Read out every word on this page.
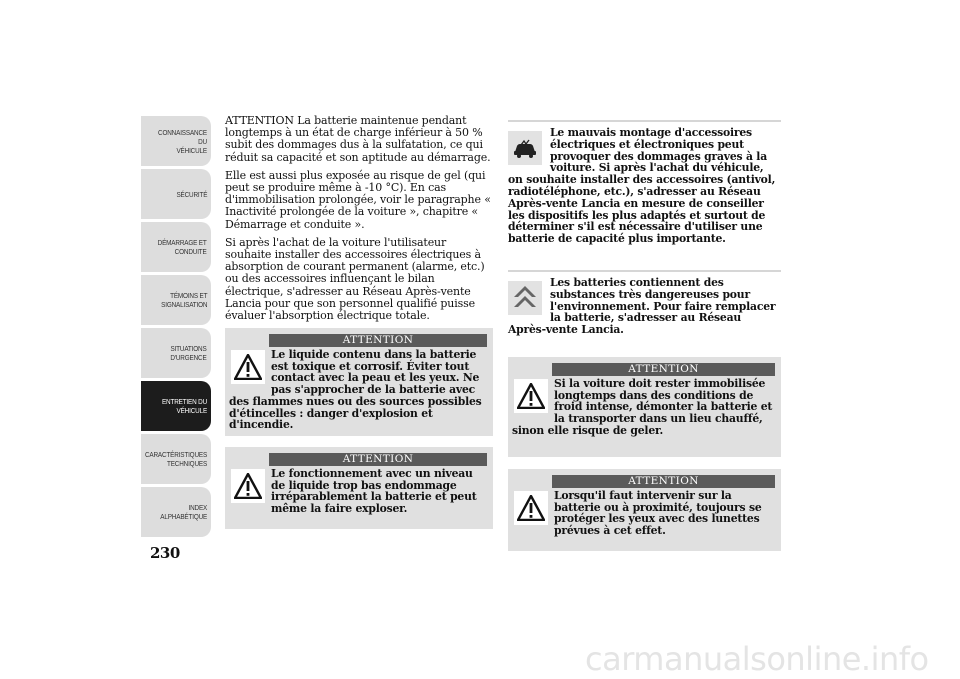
CONNAISSANCE DU
VÉHICULE
SÉCURITÉ
DÉMARRAGE ET
CONDUITE
TÉMOINS ET
SIGNALISATION
SITUATIONS
D'URGENCE
ENTRETIEN DU
VÉHICULE
CARACTÉRISTIQUES
TECHNIQUES
INDEX
ALPHABÉTIQUE
230

ATTENTION La batterie maintenue pendant longtemps à un état de charge inférieur à 50 % subit des dommages dus à la sulfatation, ce qui réduit sa capacité et son aptitude au démarrage.

Elle est aussi plus exposée au risque de gel (qui peut se produire même à -10 °C). En cas d'immobilisation prolongée, voir le paragraphe « Inactivité prolongée de la voiture », chapitre « Démarrage et conduite ».

Si après l'achat de la voiture l'utilisateur souhaite installer des accessoires électriques à absorption de courant permanent (alarme, etc.) ou des accessoires influençant le bilan électrique, s'adresser au Réseau Après-vente Lancia pour que son personnel qualifié puisse évaluer l'absorption électrique totale.

ATTENTION
Le liquide contenu dans la batterie est toxique et corrosif. Éviter tout contact avec la peau et les yeux. Ne pas s'approcher de la batterie avec des flammes nues ou des sources possibles d'étincelles : danger d'explosion et d'incendie.
ATTENTION
Le fonctionnement avec un niveau de liquide trop bas endommage irréparablement la batterie et peut même la faire exploser.
Le mauvais montage d'accessoires électriques et électroniques peut provoquer des dommages graves à la voiture. Si après l'achat du véhicule, on souhaite installer des accessoires (antivol, radiotéléphone, etc.), s'adresser au Réseau Après-vente Lancia en mesure de conseiller les dispositifs les plus adaptés et surtout de déterminer s'il est nécessaire d'utiliser une batterie de capacité plus importante.
Les batteries contiennent des substances très dangereuses pour l'environnement. Pour faire remplacer la batterie, s'adresser au Réseau Après-vente Lancia.
ATTENTION
Si la voiture doit rester immobilisée longtemps dans des conditions de froid intense, démonter la batterie et la transporter dans un lieu chauffé, sinon elle risque de geler.
ATTENTION
Lorsqu'il faut intervenir sur la batterie ou à proximité, toujours se protéger les yeux avec des lunettes prévues à cet effet.
carmanualsonline.info
